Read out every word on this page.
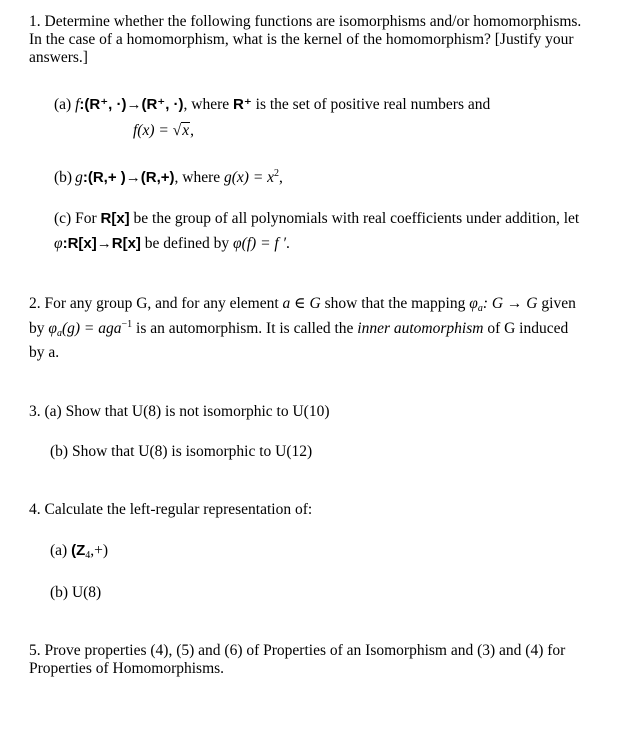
1. Determine whether the following functions are isomorphisms and/or homomorphisms.
In the case of a homomorphism, what is the kernel of the homomorphism? [Justify your
answers.]
(a) f:(R⁺, ·)→(R⁺, ·), where R⁺ is the set of positive real numbers and
f(x) = √x,
(b) g:(R,+ )→(R,+), where $g(x) = x^2$,
(c) For R[x] be the group of all polynomials with real coefficients under addition, let
φ:R[x]→R[x] be defined by φ(f) = f ′.
2. For any group G, and for any element a ∈ G show that the mapping $\varphi_a$: G → G given
by $\varphi_a(g) = aga^{-1}$ is an automorphism. It is called the inner automorphism of G induced
by a.
3. (a) Show that U(8) is not isomorphic to U(10)
(b) Show that U(8) is isomorphic to U(12)
4. Calculate the left-regular representation of:
(a) $(Z_4,+)$
(b) U(8)
5. Prove properties (4), (5) and (6) of Properties of an Isomorphism and (3) and (4) for
Properties of Homomorphisms.
